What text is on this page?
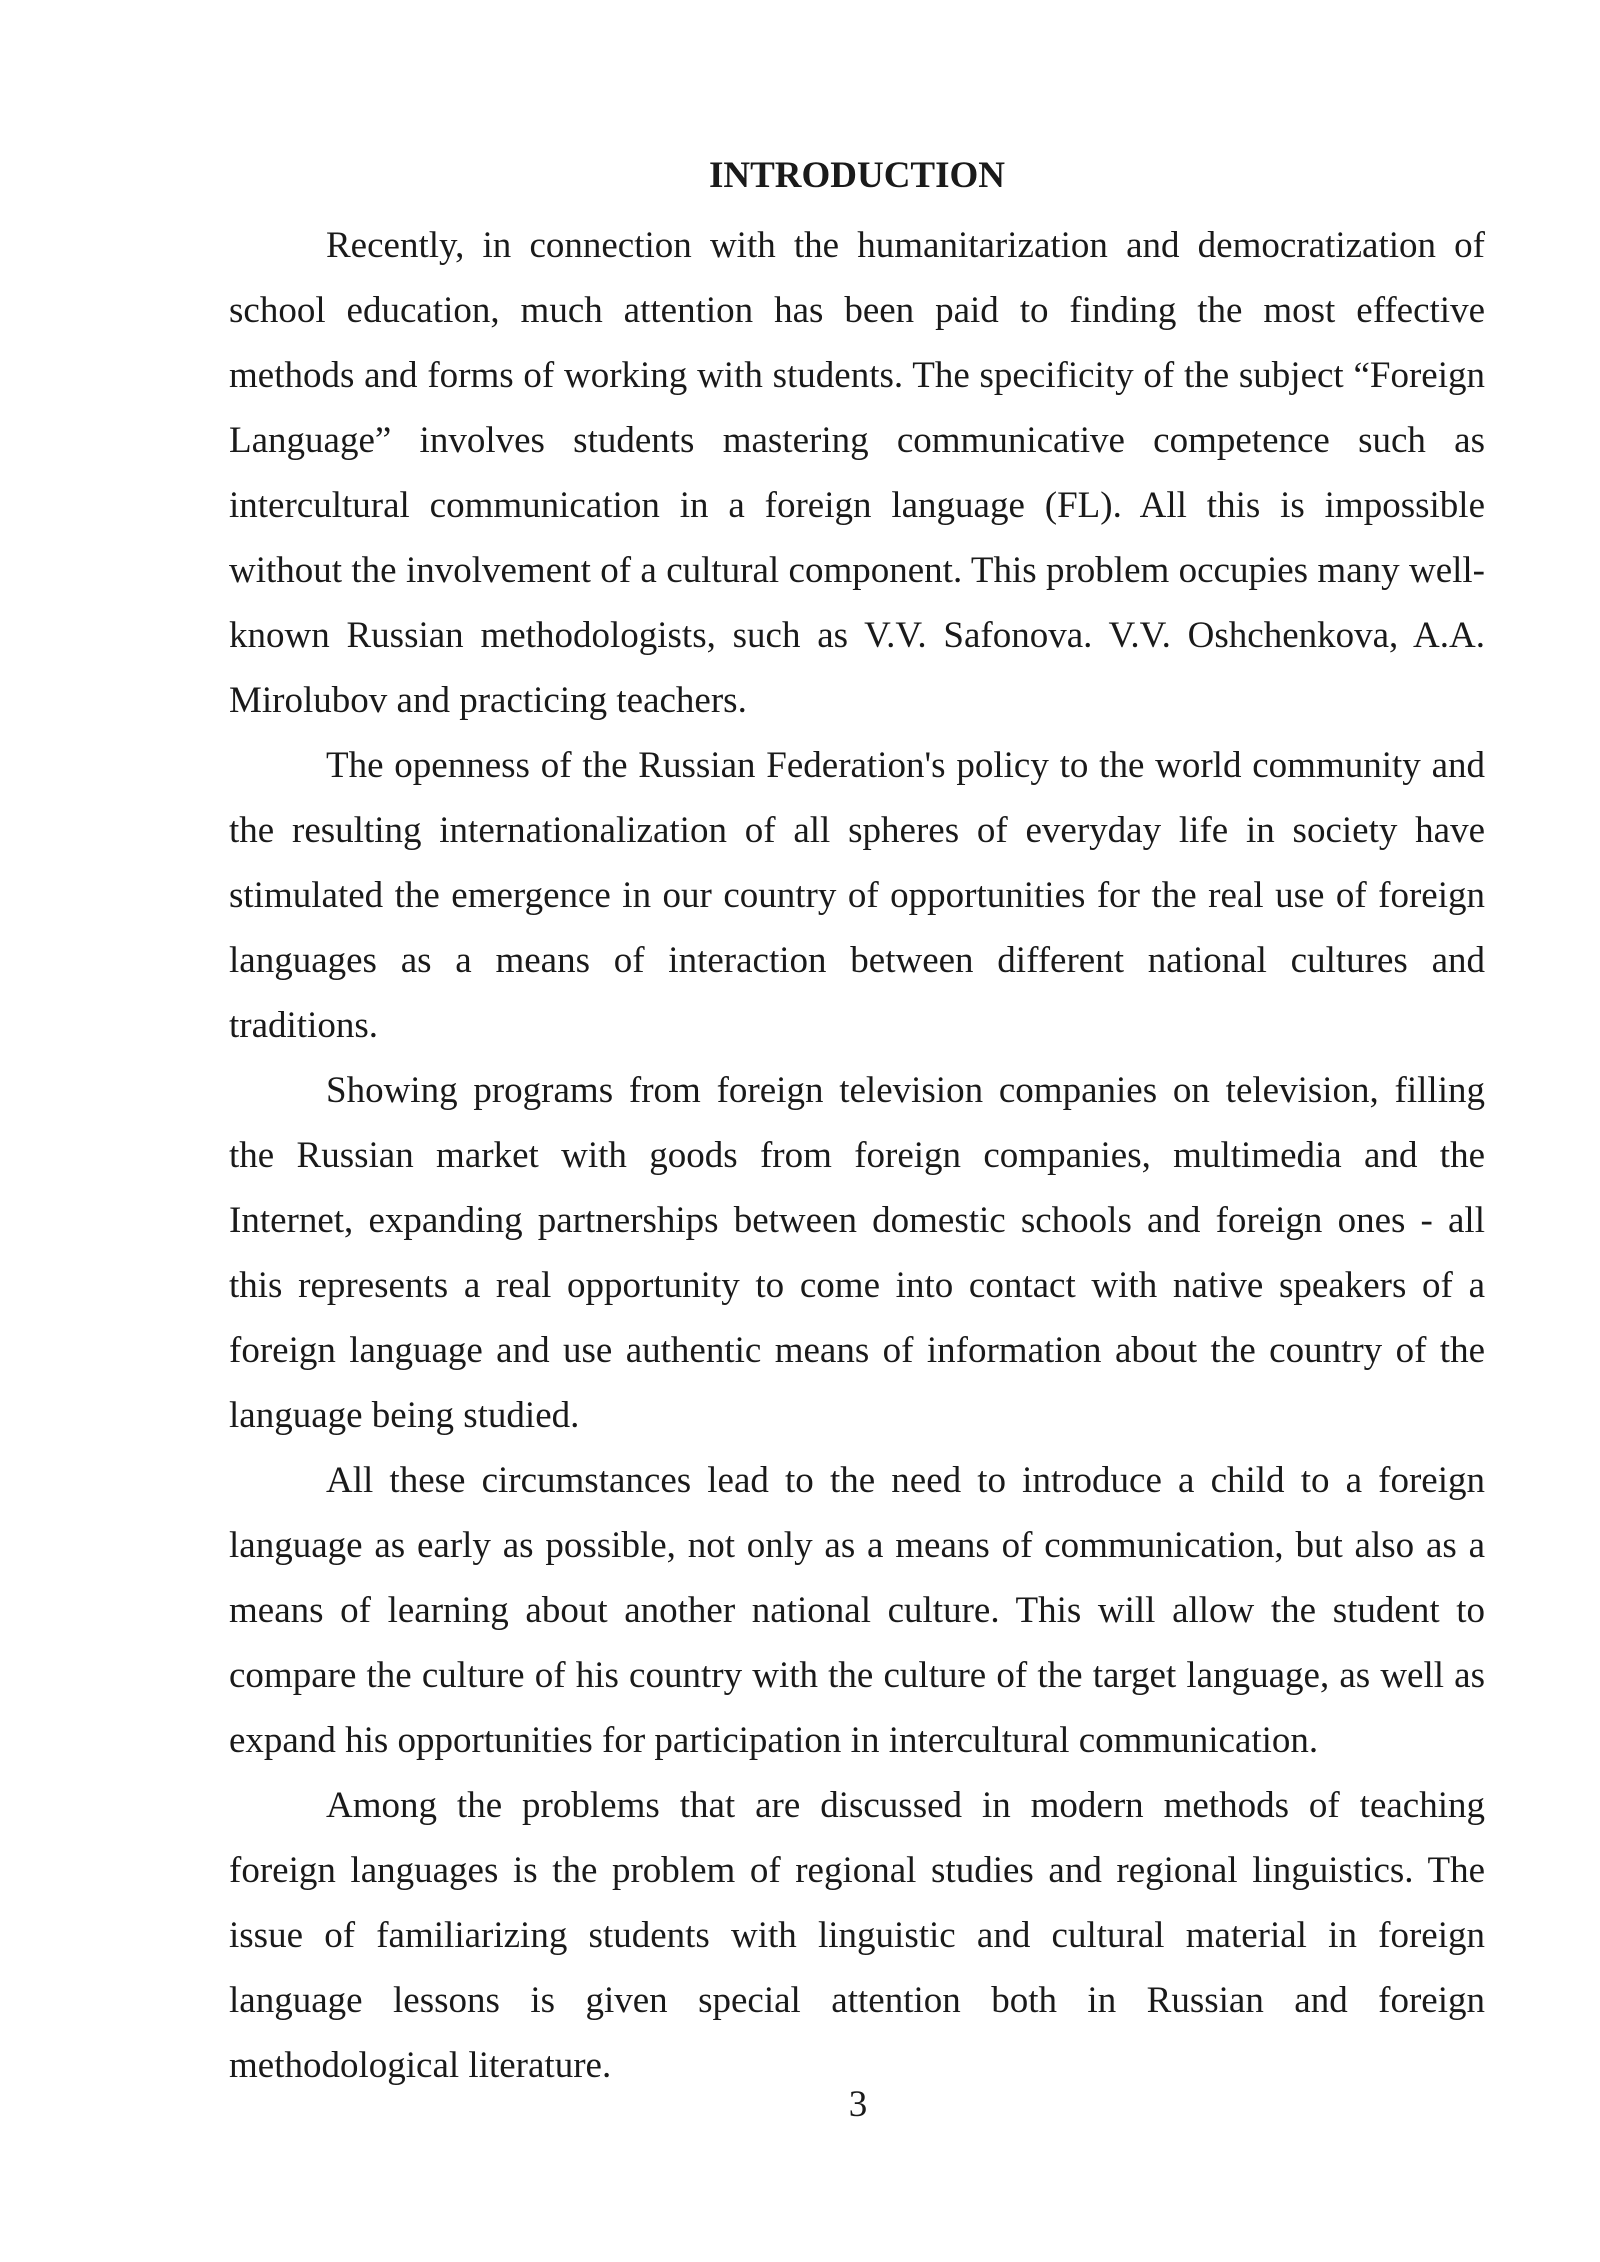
INTRODUCTION

Recently, in connection with the humanitarization and democratization of school education, much attention has been paid to finding the most effective methods and forms of working with students. The specificity of the subject “Foreign Language” involves students mastering communicative competence such as intercultural communication in a foreign language (FL). All this is impossible without the involvement of a cultural component. This problem occupies many well-known Russian methodologists, such as V.V. Safonova. V.V. Oshchenkova, A.A. Mirolubov and practicing teachers.

The openness of the Russian Federation's policy to the world community and the resulting internationalization of all spheres of everyday life in society have stimulated the emergence in our country of opportunities for the real use of foreign languages as a means of interaction between different national cultures and traditions.

Showing programs from foreign television companies on television, filling the Russian market with goods from foreign companies, multimedia and the Internet, expanding partnerships between domestic schools and foreign ones - all this represents a real opportunity to come into contact with native speakers of a foreign language and use authentic means of information about the country of the language being studied.

All these circumstances lead to the need to introduce a child to a foreign language as early as possible, not only as a means of communication, but also as a means of learning about another national culture. This will allow the student to compare the culture of his country with the culture of the target language, as well as expand his opportunities for participation in intercultural communication.

Among the problems that are discussed in modern methods of teaching foreign languages is the problem of regional studies and regional linguistics. The issue of familiarizing students with linguistic and cultural material in foreign language lessons is given special attention both in Russian and foreign methodological literature.

3
